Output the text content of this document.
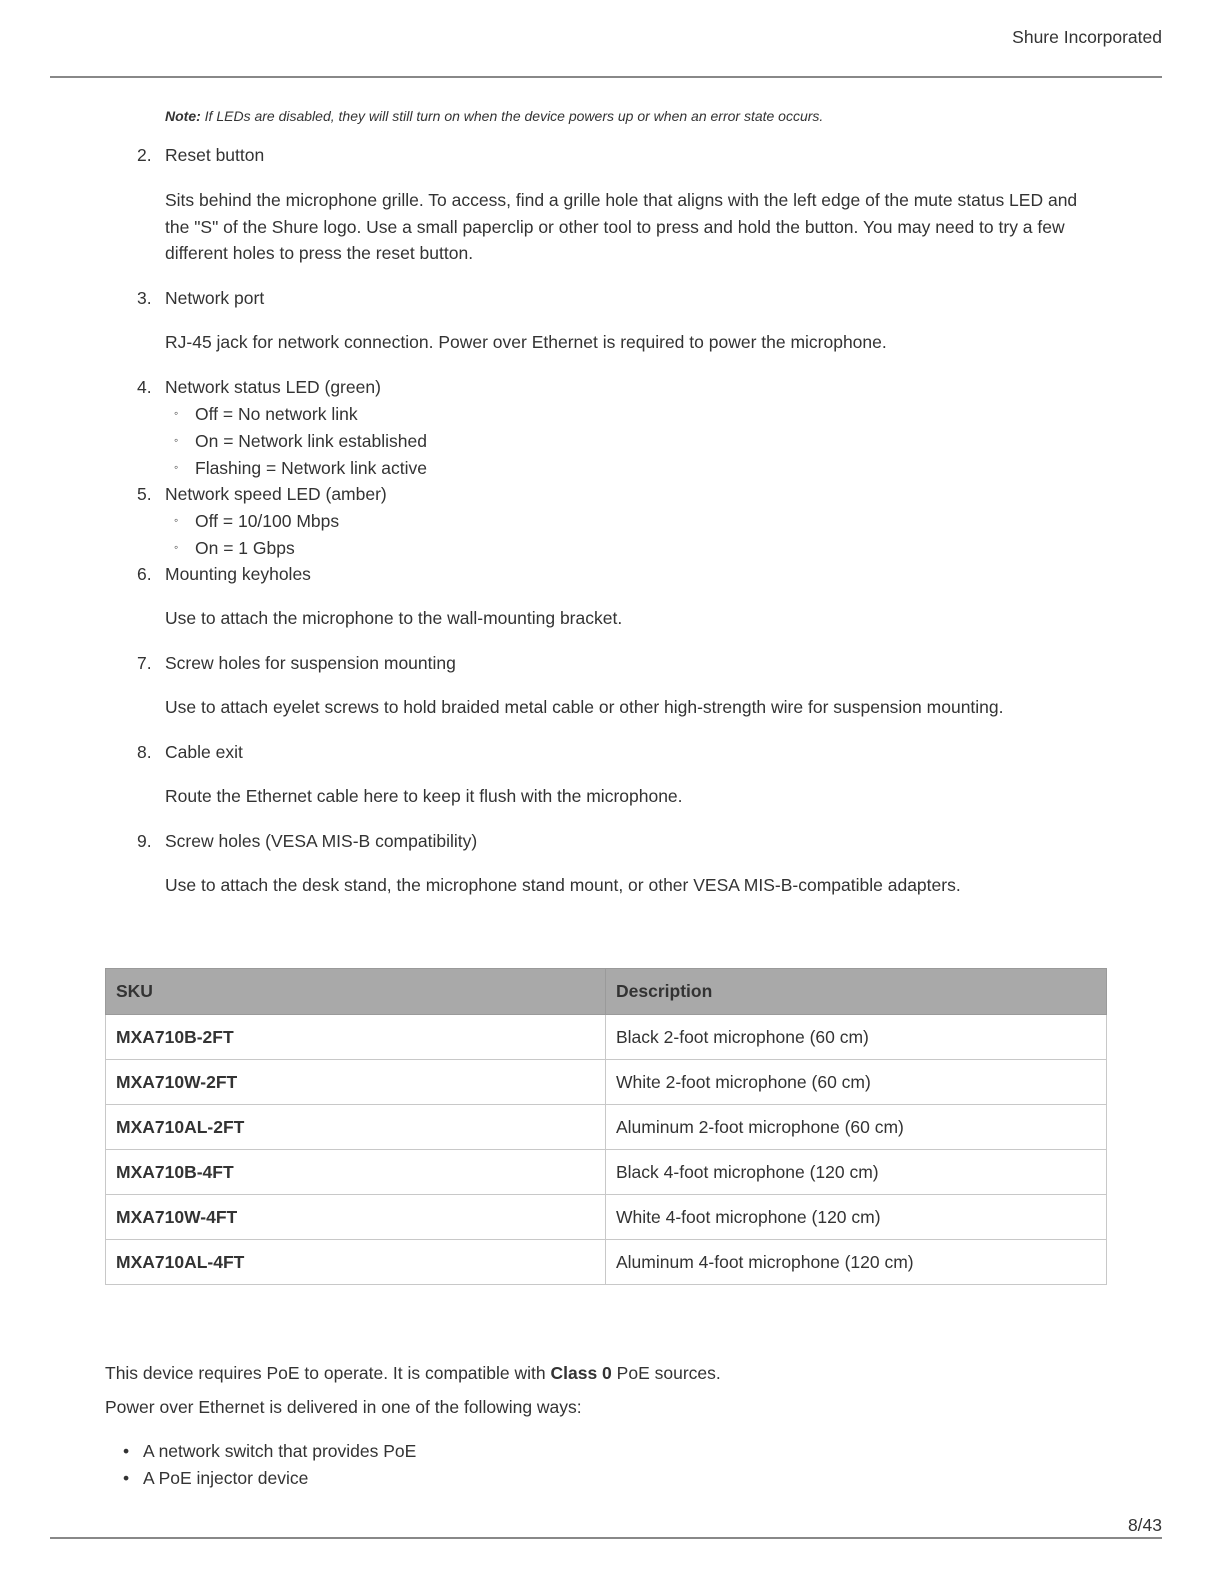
Shure Incorporated
Note: If LEDs are disabled, they will still turn on when the device powers up or when an error state occurs.
2. Reset button
Sits behind the microphone grille. To access, find a grille hole that aligns with the left edge of the mute status LED and the "S" of the Shure logo. Use a small paperclip or other tool to press and hold the button. You may need to try a few different holes to press the reset button.
3. Network port
RJ-45 jack for network connection. Power over Ethernet is required to power the microphone.
4. Network status LED (green)
◦ Off = No network link
◦ On = Network link established
◦ Flashing = Network link active
5. Network speed LED (amber)
◦ Off = 10/100 Mbps
◦ On = 1 Gbps
6. Mounting keyholes
Use to attach the microphone to the wall-mounting bracket.
7. Screw holes for suspension mounting
Use to attach eyelet screws to hold braided metal cable or other high-strength wire for suspension mounting.
8. Cable exit
Route the Ethernet cable here to keep it flush with the microphone.
9. Screw holes (VESA MIS-B compatibility)
Use to attach the desk stand, the microphone stand mount, or other VESA MIS-B-compatible adapters.
SKU	Description
MXA710B-2FT	Black 2-foot microphone (60 cm)
MXA710W-2FT	White 2-foot microphone (60 cm)
MXA710AL-2FT	Aluminum 2-foot microphone (60 cm)
MXA710B-4FT	Black 4-foot microphone (120 cm)
MXA710W-4FT	White 4-foot microphone (120 cm)
MXA710AL-4FT	Aluminum 4-foot microphone (120 cm)
This device requires PoE to operate. It is compatible with Class 0 PoE sources.
Power over Ethernet is delivered in one of the following ways:
• A network switch that provides PoE
• A PoE injector device
8/43
